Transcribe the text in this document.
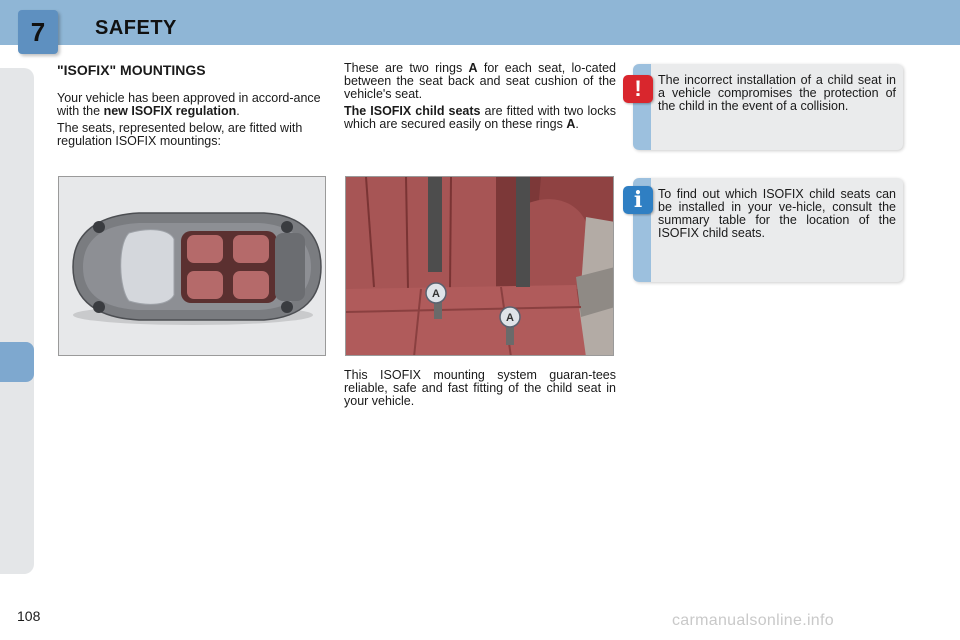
7 SAFETY
"ISOFIX" MOUNTINGS
Your vehicle has been approved in accord-ance with the new ISOFIX regulation.
The seats, represented below, are fitted with regulation ISOFIX mountings:
These are two rings A for each seat, lo-cated between the seat back and seat cushion of the vehicle's seat.
The ISOFIX child seats are fitted with two locks which are secured easily on these rings A.
A
A
This ISOFIX mounting system guaran-tees reliable, safe and fast fitting of the child seat in your vehicle.
The incorrect installation of a child seat in a vehicle compromises the protection of the child in the event of a collision.
!
To find out which ISOFIX child seats can be installed in your ve-hicle, consult the summary table for the location of the ISOFIX child seats.
i
108	carmanualsonline.info
